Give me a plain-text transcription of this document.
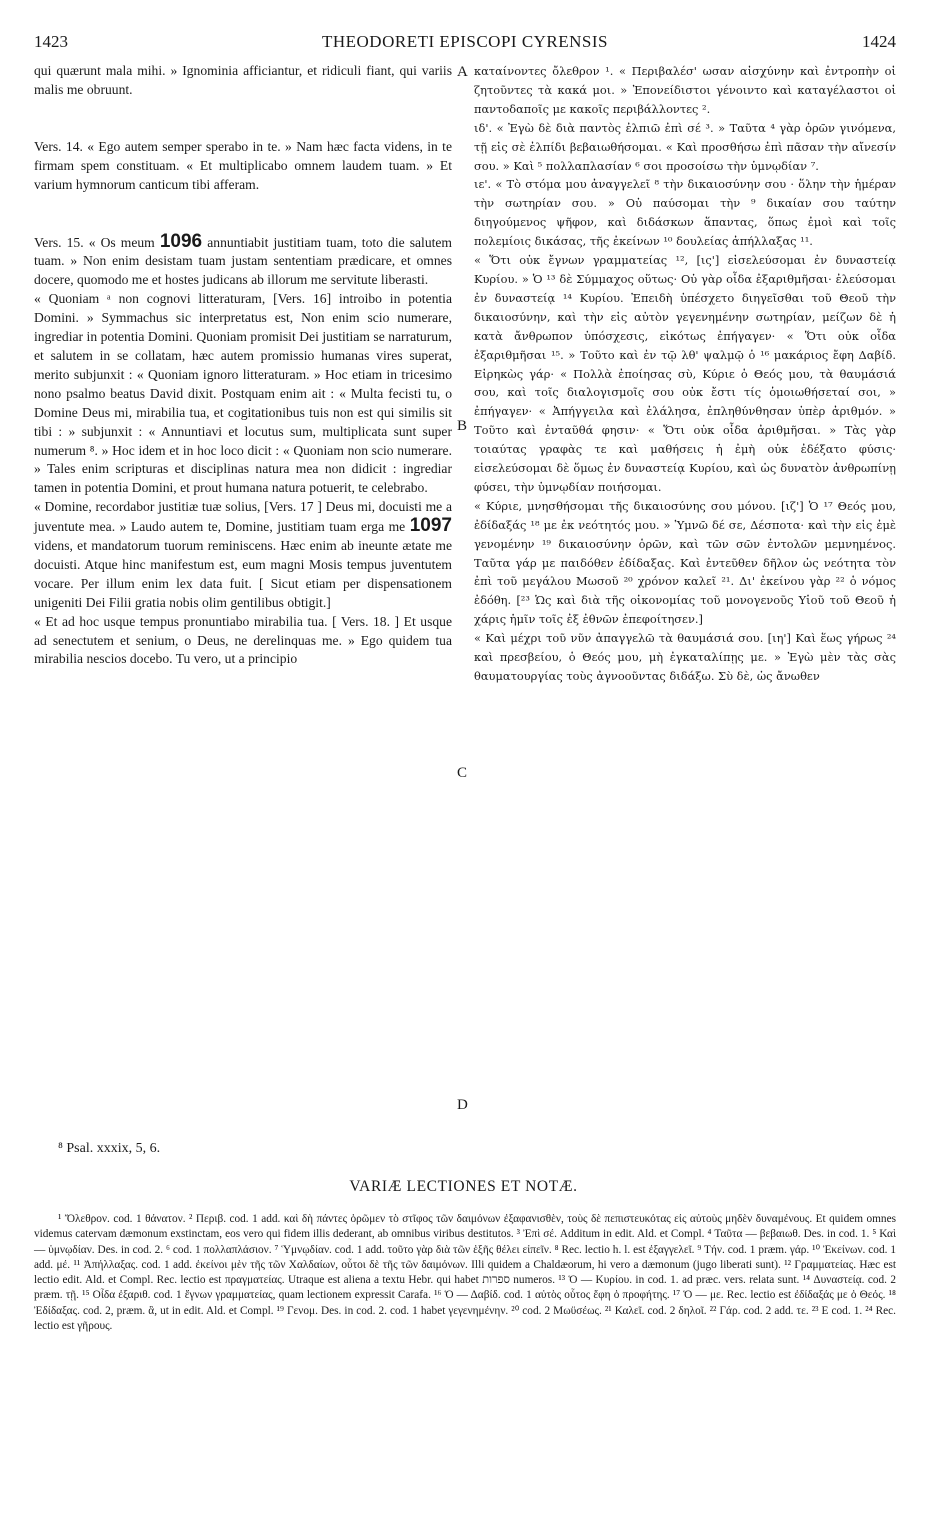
1423	THEODORETI EPISCOPI CYRENSIS	1424

qui quærunt mala mihi. » Ignominia afficiantur, et ridiculi fiant, qui variis malis me obruunt.

Vers. 14. « Ego autem semper sperabo in te. » Nam hæc facta videns, in te firmam spem constituam. « Et multiplicabo omnem laudem tuam. » Et varium hymnorum canticum tibi afferam.

Vers. 15. « Os meum 1096 annuntiabit justitiam tuam, toto die salutem tuam. » Non enim desistam tuam justam sententiam prædicare, et omnes docere, quomodo me et hostes judicans ab illorum me servitute liberasti.

« Quoniam ᵃ non cognovi litteraturam, [Vers. 16] introibo in potentia Domini. » Symmachus sic interpretatus est, Non enim scio numerare, ingrediar in potentia Domini. Quoniam promisit Dei justitiam se narraturum, et salutem in se collatam, hæc autem promissio humanas vires superat, merito subjunxit : « Quoniam ignoro litteraturam. » Hoc etiam in tricesimo nono psalmo beatus David dixit. Postquam enim ait : « Multa fecisti tu, o Domine Deus mi, mirabilia tua, et cogitationibus tuis non est qui similis sit tibi : » subjunxit : « Annuntiavi et locutus sum, multiplicata sunt super numerum ⁸. » Hoc idem et in hoc loco dicit : « Quoniam non scio numerare. » Tales enim scripturas et disciplinas natura mea non didicit : ingrediar tamen in potentia Domini, et prout humana natura potuerit, te celebrabo.

« Domine, recordabor justitiæ tuæ solius, [Vers. 17 ] Deus mi, docuisti me a juventute mea. » Laudo autem te, Domine, justitiam tuam erga me 1097 videns, et mandatorum tuorum reminiscens. Hæc enim ab ineunte ætate me docuisti. Atque hinc manifestum est, eum magni Mosis tempus juventutem vocare. Per illum enim lex data fuit. [ Sicut etiam per dispensationem unigeniti Dei Filii gratia nobis olim gentilibus obtigit.]

« Et ad hoc usque tempus pronuntiabo mirabilia tua. [ Vers. 18. ] Et usque ad senectutem et senium, o Deus, ne derelinquas me. » Ego quidem tua mirabilia nescios docebo. Tu vero, ut a principio

A
B
C
D

καταίνοντες ὄλεθρον ¹. « Περιβαλέσ' ωσαν αἰσχύνην καὶ ἐντροπὴν οἱ ζητοῦντες τὰ κακά μοι. » Ἐπονείδιστοι γένοιντο καὶ καταγέλαστοι οἱ παντοδαποῖς με κακοῖς περιβάλλοντες ².

ιδ'. « Ἐγὼ δὲ διὰ παντὸς ἐλπιῶ ἐπὶ σέ ³. » Ταῦτα ⁴ γὰρ ὁρῶν γινόμενα, τῇ εἰς σὲ ἐλπίδι βεβαιωθήσομαι. « Καὶ προσθήσω ἐπὶ πᾶσαν τὴν αἴνεσίν σου. » Καὶ ⁵ πολλαπλασίαν ⁶ σοι προσοίσω τὴν ὑμνῳδίαν ⁷.

ιε'. « Τὸ στόμα μου ἀναγγελεῖ ⁸ τὴν δικαιοσύνην σου · ὅλην τὴν ἡμέραν τὴν σωτηρίαν σου. » Οὐ παύσομαι τὴν ⁹ δικαίαν σου ταύτην διηγούμενος ψῆφον, καὶ διδάσκων ἅπαντας, ὅπως ἐμοὶ καὶ τοῖς πολεμίοις δικάσας, τῆς ἐκείνων ¹⁰ δουλείας ἀπήλλαξας ¹¹.

« Ὅτι οὐκ ἔγνων γραμματείας ¹², [ις'] εἰσελεύσομαι ἐν δυναστείᾳ Κυρίου. » Ὁ ¹³ δὲ Σύμμαχος οὕτως· Οὐ γὰρ οἶδα ἐξαριθμῆσαι· ἐλεύσομαι ἐν δυναστείᾳ ¹⁴ Κυρίου. Ἐπειδὴ ὑπέσχετο διηγεῖσθαι τοῦ Θεοῦ τὴν δικαιοσύνην, καὶ τὴν εἰς αὐτὸν γεγενημένην σωτηρίαν, μείζων δὲ ἡ κατὰ ἄνθρωπον ὑπόσχεσις, εἰκότως ἐπήγαγεν· « Ὅτι οὐκ οἶδα ἐξαριθμῆσαι ¹⁵. » Τοῦτο καὶ ἐν τῷ λθ' ψαλμῷ ὁ ¹⁶ μακάριος ἔφη Δαβίδ. Εἰρηκὼς γάρ· « Πολλὰ ἐποίησας σὺ, Κύριε ὁ Θεός μου, τὰ θαυμάσιά σου, καὶ τοῖς διαλογισμοῖς σου οὐκ ἔστι τίς ὁμοιωθήσεταί σοι, » ἐπήγαγεν· « Ἀπήγγειλα καὶ ἐλάλησα, ἐπληθύνθησαν ὑπὲρ ἀριθμόν. » Τοῦτο καὶ ἐνταῦθά φησιν· « Ὅτι οὐκ οἶδα ἀριθμῆσαι. » Τὰς γὰρ τοιαύτας γραφὰς τε καὶ μαθήσεις ἡ ἐμὴ οὐκ ἐδέξατο φύσις· εἰσελεύσομαι δὲ ὅμως ἐν δυναστείᾳ Κυρίου, καὶ ὡς δυνατὸν ἀνθρωπίνῃ φύσει, τὴν ὑμνῳδίαν ποιήσομαι.

« Κύριε, μνησθήσομαι τῆς δικαιοσύνης σου μόνου. [ιζ'] Ὁ ¹⁷ Θεός μου, ἐδίδαξάς ¹⁸ με ἐκ νεότητός μου. » Ὑμνῶ δέ σε, Δέσποτα· καὶ τὴν εἰς ἐμὲ γενομένην ¹⁹ δικαιοσύνην ὁρῶν, καὶ τῶν σῶν ἐντολῶν μεμνημένος. Ταῦτα γάρ με παιδόθεν ἐδίδαξας. Καὶ ἐντεῦθεν δῆλον ὡς νεότητα τὸν ἐπὶ τοῦ μεγάλου Μωσοῦ ²⁰ χρόνον καλεῖ ²¹. Δι' ἐκείνου γὰρ ²² ὁ νόμος ἐδόθη. [²³ Ὡς καὶ διὰ τῆς οἰκονομίας τοῦ μονογενοῦς Υἱοῦ τοῦ Θεοῦ ἡ χάρις ἡμῖν τοῖς ἐξ ἐθνῶν ἐπεφοίτησεν.]

« Καὶ μέχρι τοῦ νῦν ἀπαγγελῶ τὰ θαυμάσιά σου. [ιη'] Καὶ ἕως γήρως ²⁴ καὶ πρεσβείου, ὁ Θεός μου, μὴ ἐγκαταλίπῃς με. » Ἐγὼ μὲν τὰς σὰς θαυματουργίας τοὺς ἀγνοοῦντας διδάξω. Σὺ δὲ, ὡς ἄνωθεν

⁸ Psal. xxxix, 5, 6.
VARIÆ LECTIONES ET NOTÆ.

¹ Ὄλεθρον. cod. 1 θάνατον. ² Περιβ. cod. 1 add. καὶ δὴ πάντες ὁρῶμεν τὸ στῖφος τῶν δαιμόνων ἐξαφανισθὲν, τοὺς δὲ πεπιστευκότας εἰς αὐτοὺς μηδὲν δυναμένους. Et quidem omnes videmus catervam dæmonum exstinctam, eos vero qui fidem illis dederant, ab omnibus viribus destitutos. ³ Ἐπὶ σέ. Additum in edit. Ald. et Compl. ⁴ Ταῦτα — βεβαιωθ. Des. in cod. 1. ⁵ Καὶ — ὑμνῳδίαν. Des. in cod. 2. ⁶ cod. 1 πολλαπλάσιον. ⁷ Ὑμνῳδίαν. cod. 1 add. τοῦτο γὰρ διὰ τῶν ἑξῆς θέλει εἰπεῖν. ⁸ Rec. lectio h. l. est ἐξαγγελεῖ. ⁹ Τήν. cod. 1 præm. γάρ. ¹⁰ Ἐκείνων. cod. 1 add. μέ. ¹¹ Ἀπήλλαξας. cod. 1 add. ἐκείνοι μὲν τῆς τῶν Χαλδαίων, οὗτοι δὲ τῆς τῶν δαιμόνων. Illi quidem a Chaldæorum, hi vero a dæmonum (jugo liberati sunt). ¹² Γραμματείας. Hæc est lectio edit. Ald. et Compl. Rec. lectio est πραγματείας. Utraque est aliena a textu Hebr. qui habet ספרות numeros. ¹³ Ὁ — Κυρίου. in cod. 1. ad præc. vers. relata sunt. ¹⁴ Δυναστείᾳ. cod. 2 præm. τῇ. ¹⁵ Οἶδα ἐξαριθ. cod. 1 ἔγνων γραμματείας, quam lectionem expressit Carafa. ¹⁶ Ὁ — Δαβίδ. cod. 1 αὐτὸς οὗτος ἔφη ὁ προφήτης. ¹⁷ Ὁ — με. Rec. lectio est ἐδίδαξάς με ὁ Θεός. ¹⁸ Ἐδίδαξας. cod. 2, præm. ἃ, ut in edit. Ald. et Compl. ¹⁹ Γενομ. Des. in cod. 2. cod. 1 habet γεγενημένην. ²⁰ cod. 2 Μωϋσέως. ²¹ Καλεῖ. cod. 2 δηλοῖ. ²² Γάρ. cod. 2 add. τε. ²³ E cod. 1. ²⁴ Rec. lectio est γῆρους.
